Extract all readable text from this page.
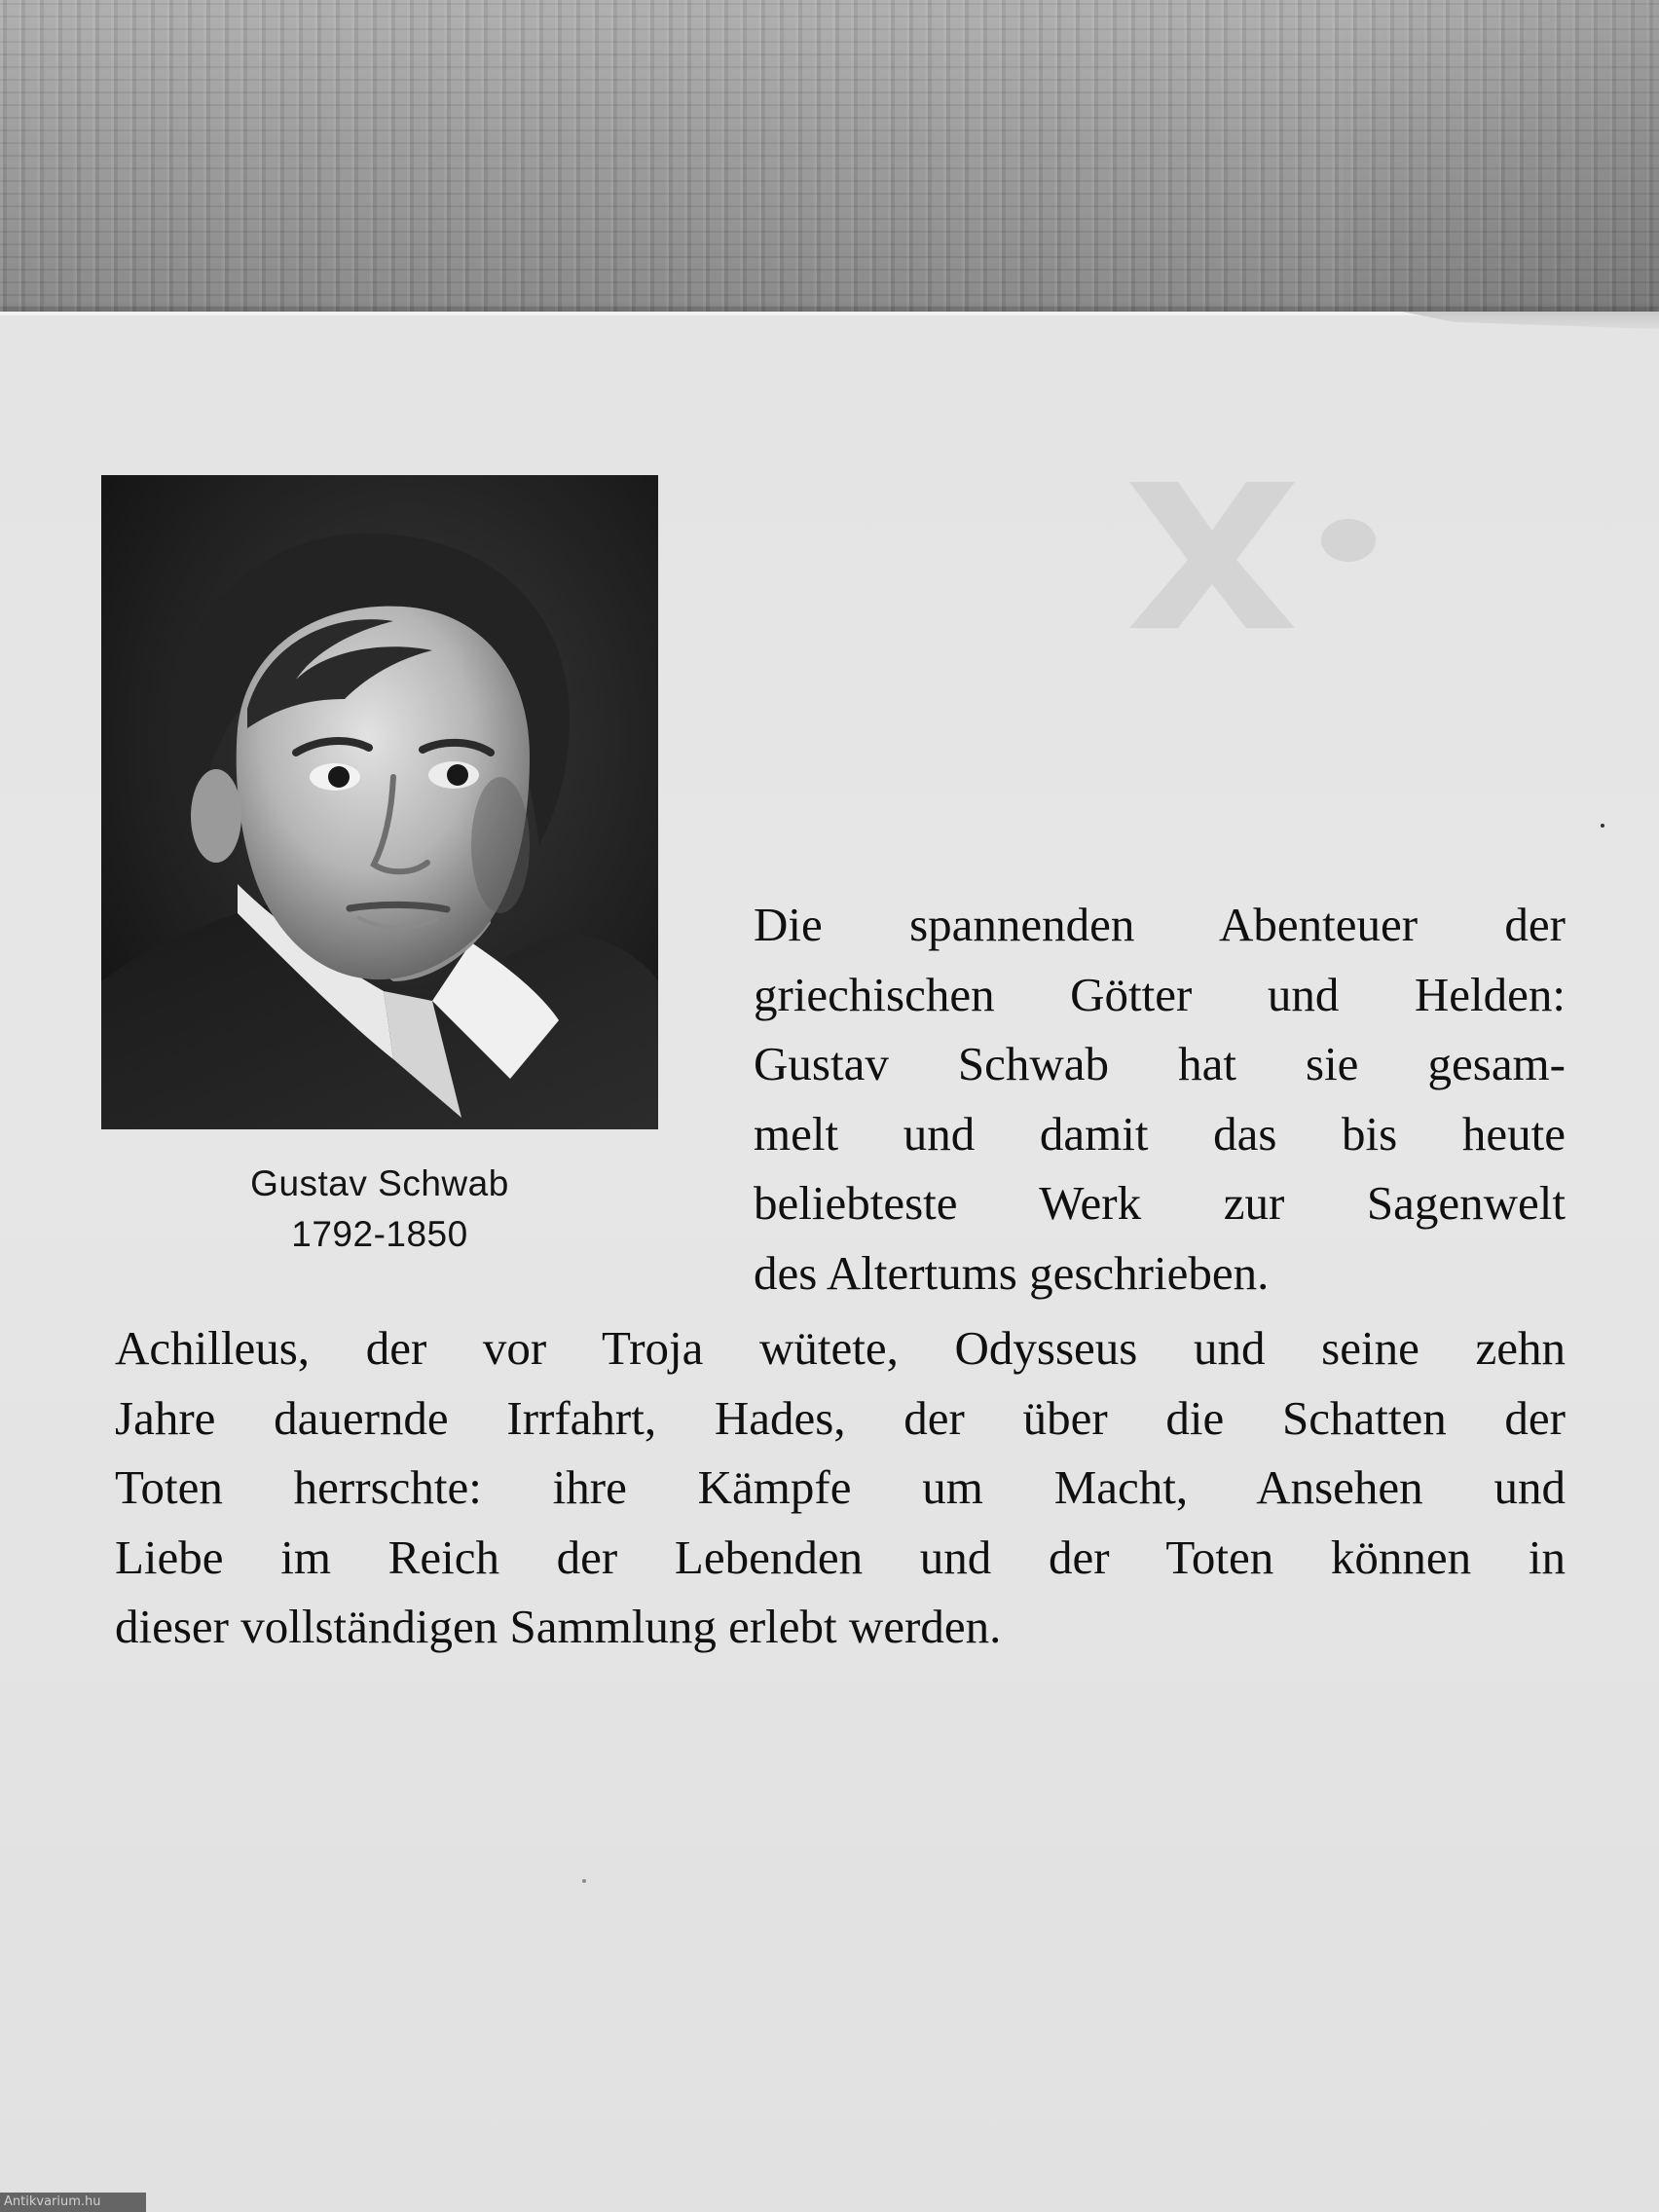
Gustav Schwab
1792-1850
Die spannenden Abenteuer der
griechischen Götter und Helden:
Gustav Schwab hat sie gesam-
melt und damit das bis heute
beliebteste Werk zur Sagenwelt
des Altertums geschrieben.
Achilleus, der vor Troja wütete, Odysseus und seine zehn
Jahre dauernde Irrfahrt, Hades, der über die Schatten der
Toten herrschte: ihre Kämpfe um Macht, Ansehen und
Liebe im Reich der Lebenden und der Toten können in
dieser vollständigen Sammlung erlebt werden.
Antikvarium.hu
